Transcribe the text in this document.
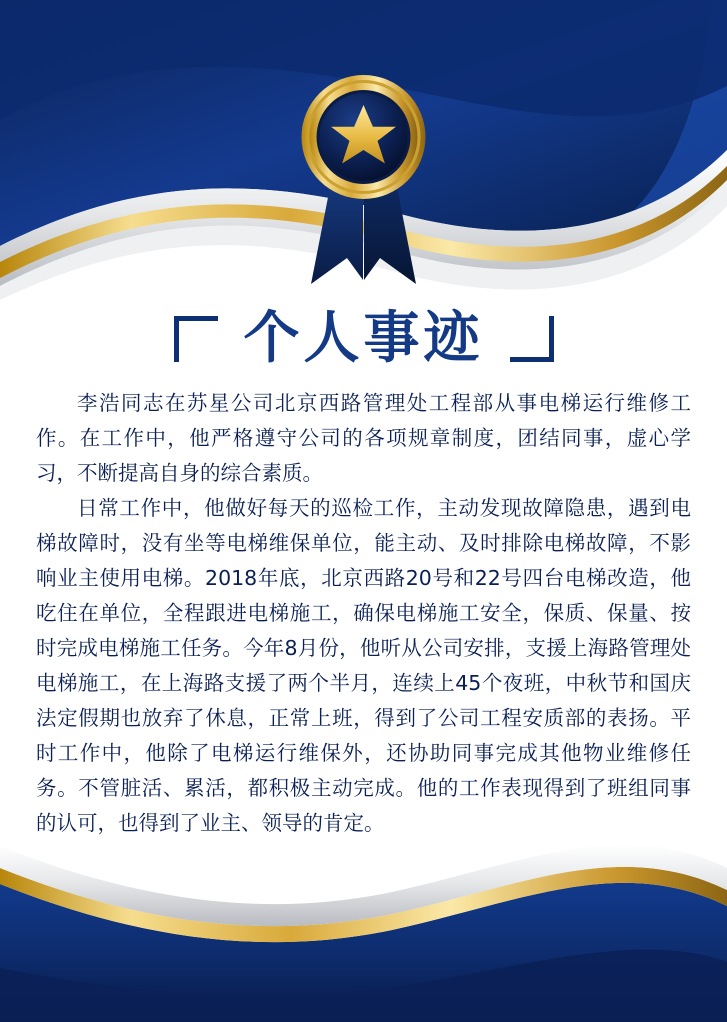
个人事迹

李浩同志在苏星公司北京西路管理处工程部从事电梯运行维修工作。在工作中，他严格遵守公司的各项规章制度，团结同事，虚心学习，不断提高自身的综合素质。

日常工作中，他做好每天的巡检工作，主动发现故障隐患，遇到电梯故障时，没有坐等电梯维保单位，能主动、及时排除电梯故障，不影响业主使用电梯。2018年底，北京西路20号和22号四台电梯改造，他吃住在单位，全程跟进电梯施工，确保电梯施工安全，保质、保量、按时完成电梯施工任务。今年8月份，他听从公司安排，支援上海路管理处电梯施工，在上海路支援了两个半月，连续上45个夜班，中秋节和国庆法定假期也放弃了休息，正常上班，得到了公司工程安质部的表扬。平时工作中，他除了电梯运行维保外，还协助同事完成其他物业维修任务。不管脏活、累活，都积极主动完成。他的工作表现得到了班组同事的认可，也得到了业主、领导的肯定。
